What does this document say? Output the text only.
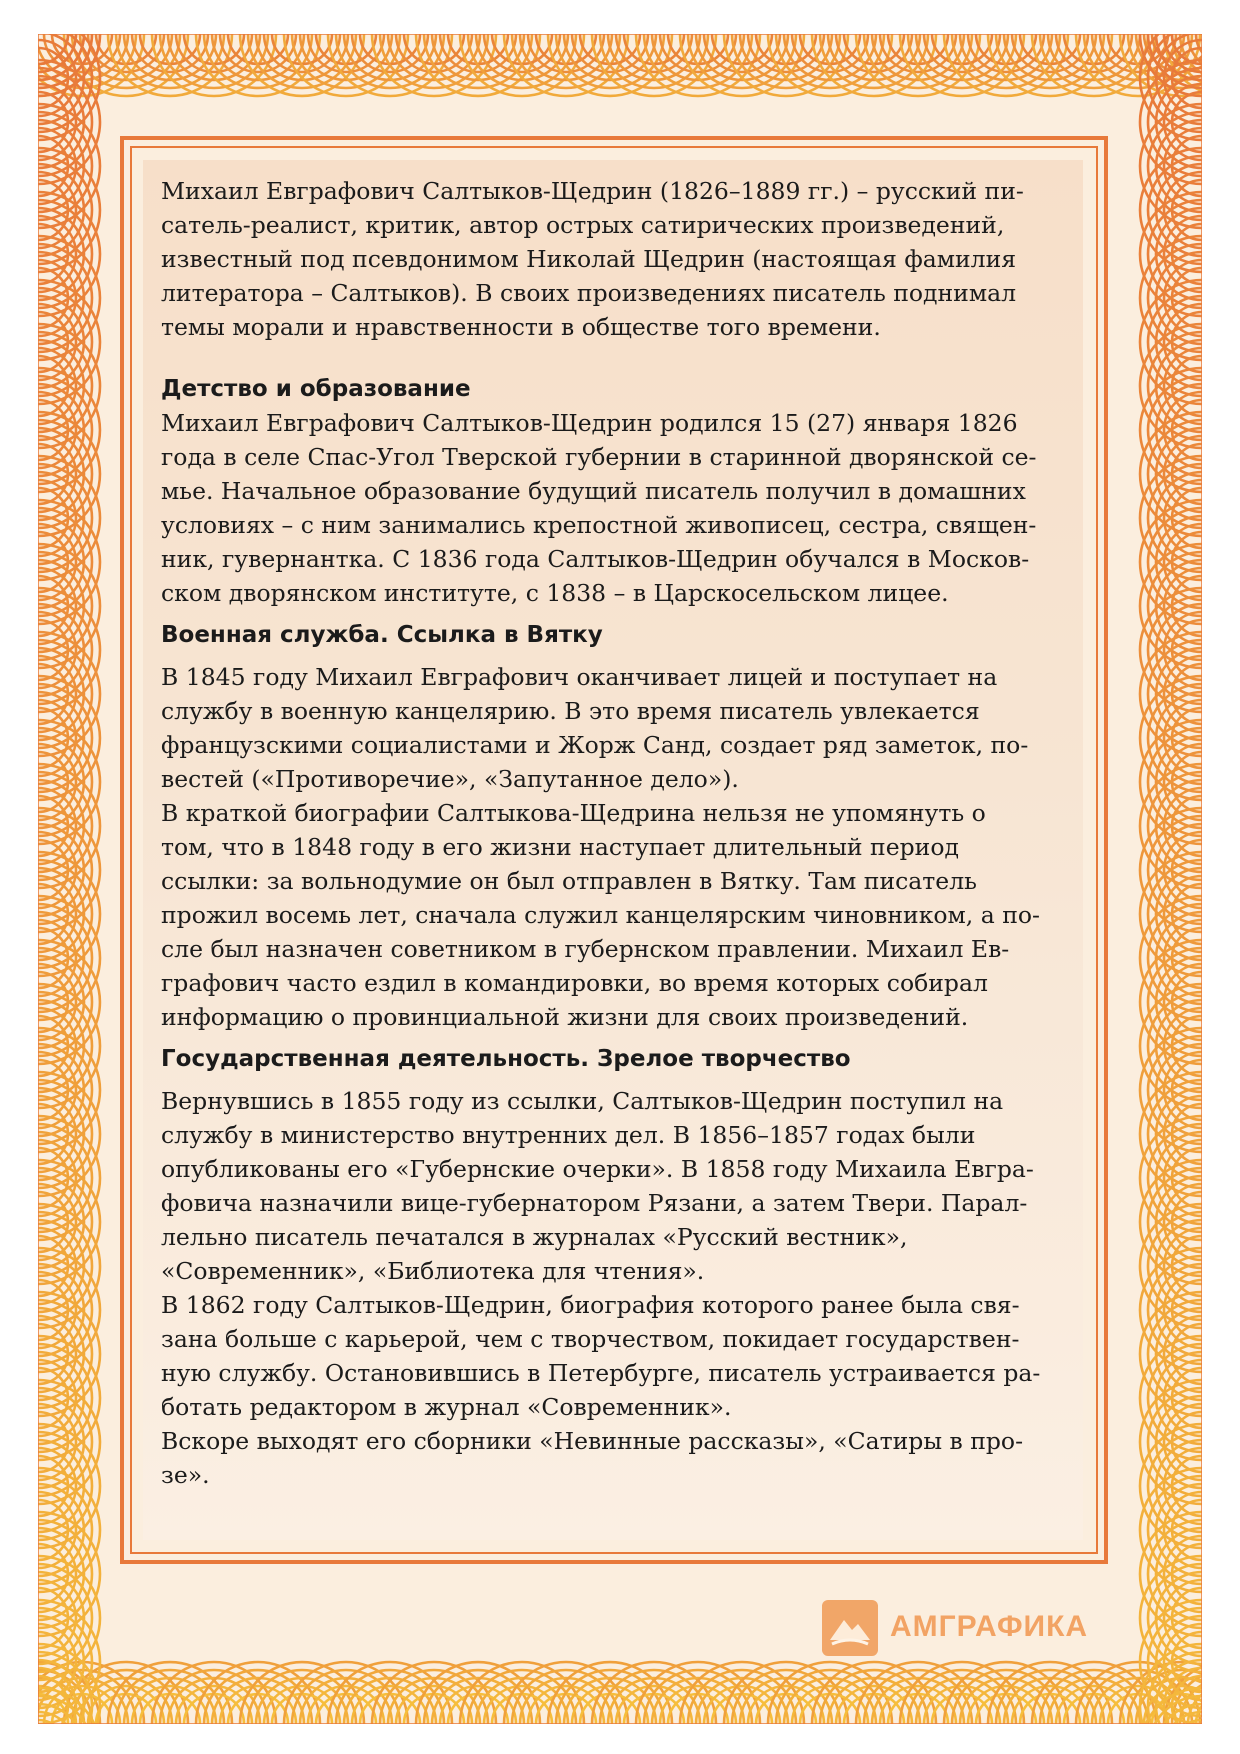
Михаил Евграфович Салтыков-Щедрин (1826–1889 гг.) – русский пи-
сатель-реалист, критик, автор острых сатирических произведений,
известный под псевдонимом Николай Щедрин (настоящая фамилия
литератора – Салтыков). В своих произведениях писатель поднимал
темы морали и нравственности в обществе того времени.
Детство и образование
Михаил Евграфович Салтыков-Щедрин родился 15 (27) января 1826
года в селе Спас-Угол Тверской губернии в старинной дворянской се-
мье. Начальное образование будущий писатель получил в домашних
условиях – с ним занимались крепостной живописец, сестра, священ-
ник, гувернантка. С 1836 года Салтыков-Щедрин обучался в Москов-
ском дворянском институте, с 1838 – в Царскосельском лицее.
Военная служба. Ссылка в Вятку
В 1845 году Михаил Евграфович оканчивает лицей и поступает на
службу в военную канцелярию. В это время писатель увлекается
французскими социалистами и Жорж Санд, создает ряд заметок, по-
вестей («Противоречие», «Запутанное дело»).
В краткой биографии Салтыкова-Щедрина нельзя не упомянуть о
том, что в 1848 году в его жизни наступает длительный период
ссылки: за вольнодумие он был отправлен в Вятку. Там писатель
прожил восемь лет, сначала служил канцелярским чиновником, а по-
сле был назначен советником в губернском правлении. Михаил Ев-
графович часто ездил в командировки, во время которых собирал
информацию о провинциальной жизни для своих произведений.
Государственная деятельность. Зрелое творчество
Вернувшись в 1855 году из ссылки, Салтыков-Щедрин поступил на
службу в министерство внутренних дел. В 1856–1857 годах были
опубликованы его «Губернские очерки». В 1858 году Михаила Евгра-
фовича назначили вице-губернатором Рязани, а затем Твери. Парал-
лельно писатель печатался в журналах «Русский вестник»,
«Современник», «Библиотека для чтения».
В 1862 году Салтыков-Щедрин, биография которого ранее была свя-
зана больше с карьерой, чем с творчеством, покидает государствен-
ную службу. Остановившись в Петербурге, писатель устраивается ра-
ботать редактором в журнал «Современник».
Вскоре выходят его сборники «Невинные рассказы», «Сатиры в про-
зе».
АМГРАФИКА
